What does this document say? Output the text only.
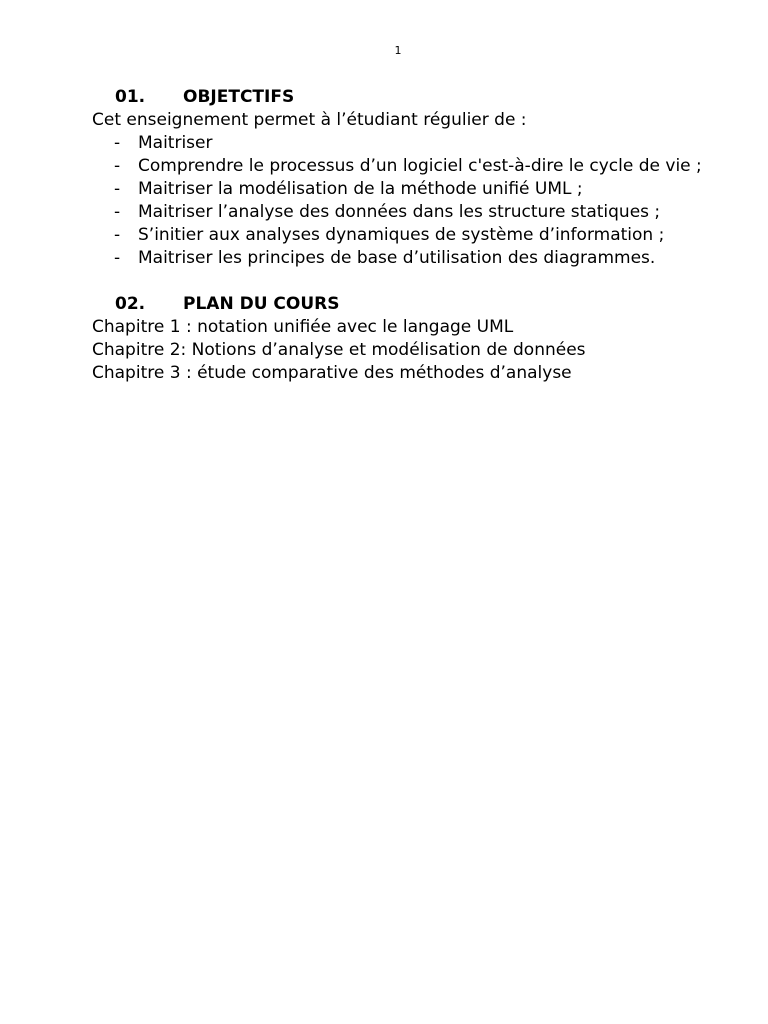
1
01.	OBJETCTIFS

Cet enseignement permet à l’étudiant régulier de :

-	Maitriser
-	Comprendre le processus d’un logiciel c'est-à-dire le cycle de vie ;
-	Maitriser la modélisation de la méthode unifié UML ;
-	Maitriser l’analyse des données dans les structure statiques ;
-	S’initier aux analyses dynamiques de système d’information ;
-	Maitriser les principes de base d’utilisation des diagrammes.
02.	PLAN DU COURS

Chapitre 1 : notation unifiée avec le langage UML

Chapitre 2: Notions d’analyse et modélisation de données

Chapitre 3 : étude comparative des méthodes d’analyse
